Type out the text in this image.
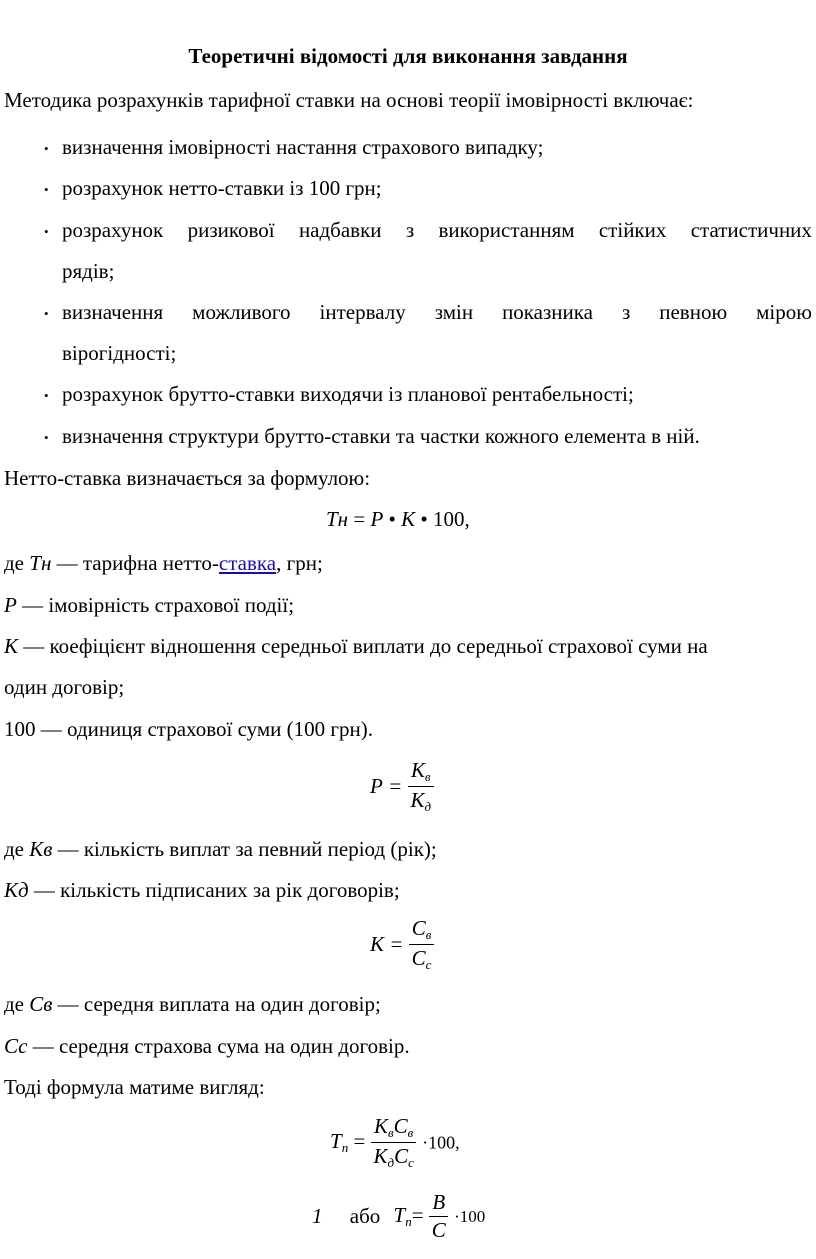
Теоретичні відомості для виконання завдання
Методика розрахунків тарифної ставки на основі теорії імовірності включає:
• визначення імовірності настання страхового випадку;
• розрахунок нетто-ставки із 100 грн;
• розрахунок ризикової надбавки з використанням стійких статистичних
рядів;
• визначення можливого інтервалу змін показника з певною мірою
вірогідності;
• розрахунок брутто-ставки виходячи із планової рентабельності;
• визначення структури брутто-ставки та частки кожного елемента в ній.
Нетто-ставка визначається за формулою:
Тн = Р • К • 100,
де Тн — тарифна нетто-ставка, грн;
Р — імовірність страхової події;
К — коефіцієнт відношення середньої виплати до середньої страхової суми на
один договір;
100 — одиниця страхової суми (100 грн).
$Р = \frac{К_в}{К_д}$
де Кв — кількість виплат за певний період (рік);
Кд — кількість підписаних за рік договорів;
$К = \frac{С_в}{С_с}$
де Св — середня виплата на один договір;
Сс — середня страхова сума на один договір.
Тоді формула матиме вигляд:
$Т_п = \frac{К_вС_в}{К_дС_с} \cdot 100$,
1 або $Т_п= \frac{В}{С} \cdot 100$
